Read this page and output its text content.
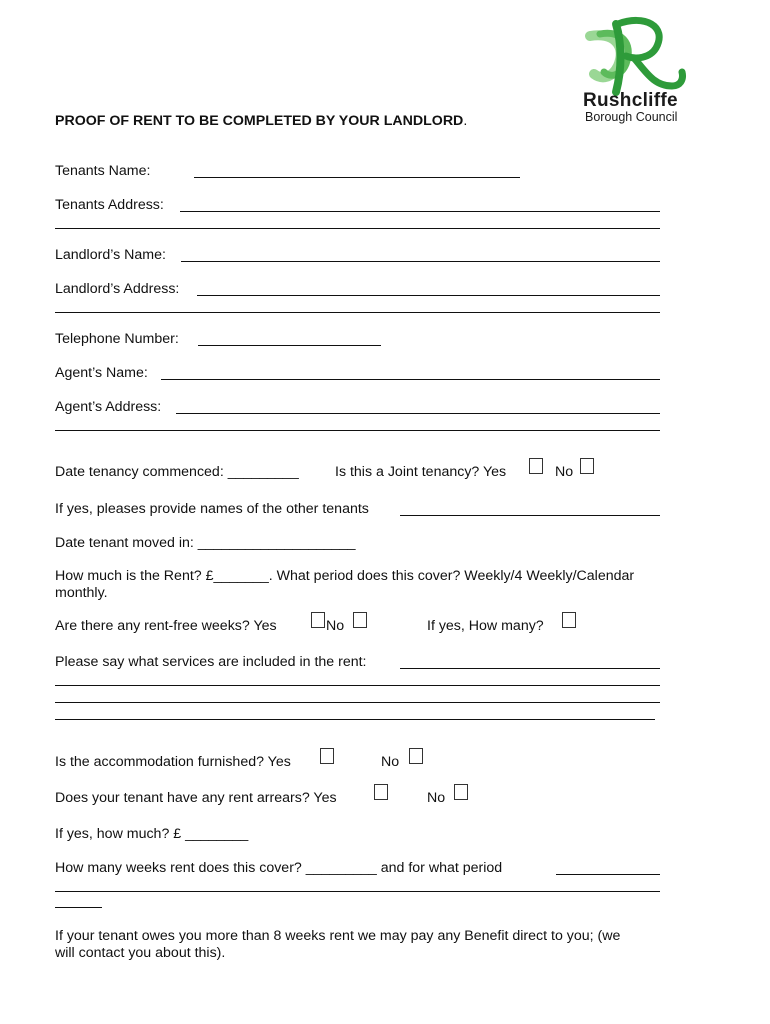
Rushcliffe
Borough Council
PROOF OF RENT TO BE COMPLETED BY YOUR LANDLORD.
Tenants Name:
Tenants Address:
Landlord’s Name:
Landlord’s Address:
Telephone Number:
Agent’s Name:
Agent’s Address:
Date tenancy commenced: _________	Is this a Joint tenancy? Yes	No
If yes, pleases provide names of the other tenants
Date tenant moved in: ____________________
How much is the Rent? £_______. What period does this cover? Weekly/4 Weekly/Calendar
monthly.
Are there any rent-free weeks? Yes	No	If yes, How many?
Please say what services are included in the rent:
Is the accommodation furnished? Yes	No
Does your tenant have any rent arrears? Yes	No
If yes, how much? £ ________
How many weeks rent does this cover? _________ and for what period
If your tenant owes you more than 8 weeks rent we may pay any Benefit direct to you; (we
will contact you about this).
